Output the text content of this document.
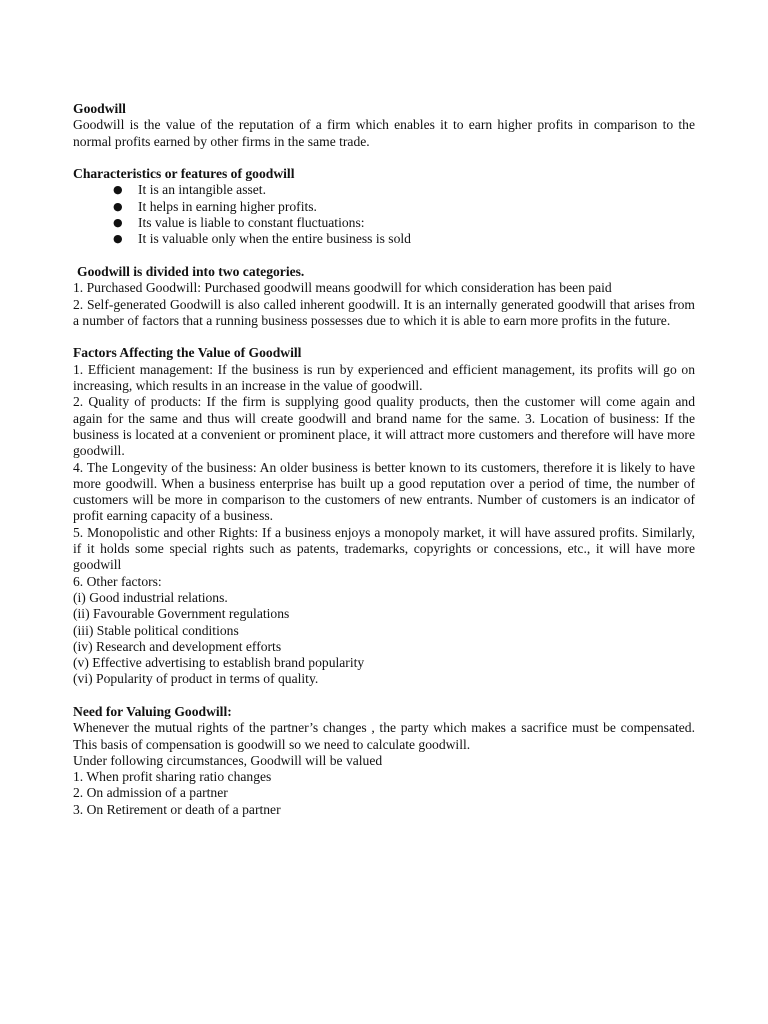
Goodwill

Goodwill is the value of the reputation of a firm which enables it to earn higher profits in comparison to the normal profits earned by other firms in the same trade.

Characteristics or features of goodwill
● It is an intangible asset.
● It helps in earning higher profits.
● Its value is liable to constant fluctuations:
● It is valuable only when the entire business is sold
Goodwill is divided into two categories.

1. Purchased Goodwill: Purchased goodwill means goodwill for which consideration has been paid

2. Self-generated Goodwill is also called inherent goodwill. It is an internally generated goodwill that arises from a number of factors that a running business possesses due to which it is able to earn more profits in the future.

Factors Affecting the Value of Goodwill

1. Efficient management: If the business is run by experienced and efficient management, its profits will go on increasing, which results in an increase in the value of goodwill.

2. Quality of products: If the firm is supplying good quality products, then the customer will come again and again for the same and thus will create goodwill and brand name for the same. 3. Location of business: If the business is located at a convenient or prominent place, it will attract more customers and therefore will have more goodwill.

4. The Longevity of the business: An older business is better known to its customers, therefore it is likely to have more goodwill. When a business enterprise has built up a good reputation over a period of time, the number of customers will be more in comparison to the customers of new entrants. Number of customers is an indicator of profit earning capacity of a business.

5. Monopolistic and other Rights: If a business enjoys a monopoly market, it will have assured profits. Similarly, if it holds some special rights such as patents, trademarks, copyrights or concessions, etc., it will have more goodwill

6. Other factors:

(i) Good industrial relations.

(ii) Favourable Government regulations

(iii) Stable political conditions

(iv) Research and development efforts

(v) Effective advertising to establish brand popularity

(vi) Popularity of product in terms of quality.

Need for Valuing Goodwill:

Whenever the mutual rights of the partner’s changes , the party which makes a sacrifice must be compensated. This basis of compensation is goodwill so we need to calculate goodwill.

Under following circumstances, Goodwill will be valued

1. When profit sharing ratio changes

2. On admission of a partner

3. On Retirement or death of a partner
